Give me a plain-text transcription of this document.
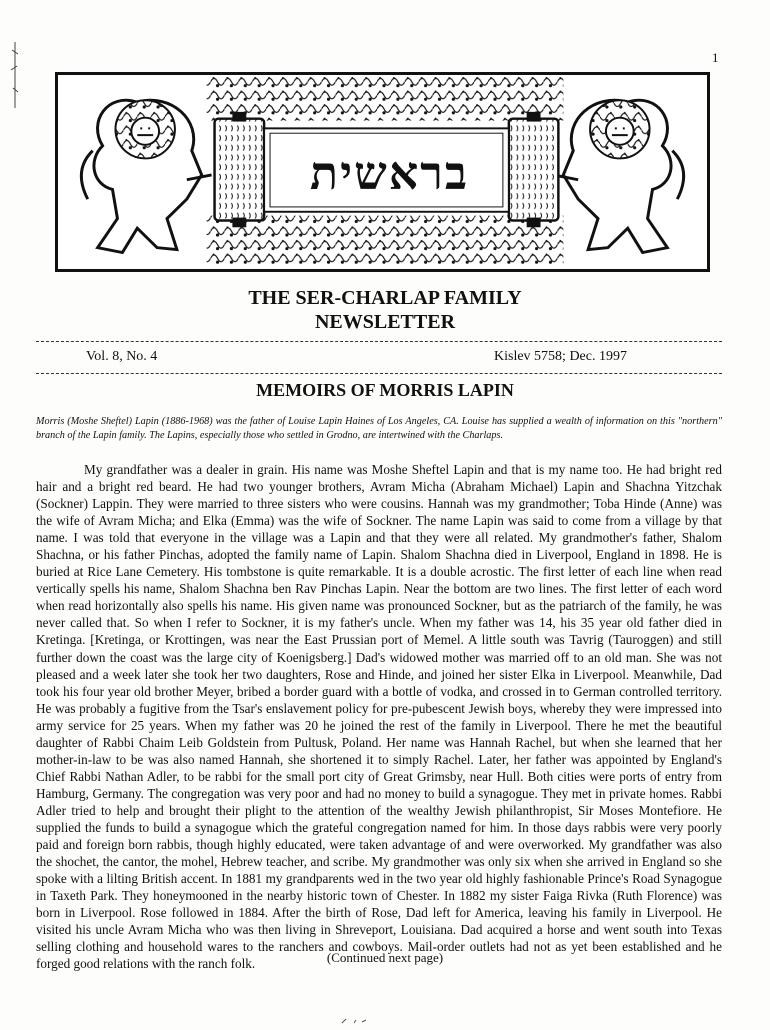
1
בראשית
THE SER-CHARLAP FAMILY
NEWSLETTER
Vol. 8, No. 4	Kislev 5758; Dec. 1997
MEMOIRS OF MORRIS LAPIN
Morris (Moshe Sheftel) Lapin (1886-1968) was the father of Louise Lapin Haines of Los Angeles, CA. Louise has supplied a wealth of information on this "northern" branch of the Lapin family. The Lapins, especially those who settled in Grodno, are intertwined with the Charlaps.

My grandfather was a dealer in grain. His name was Moshe Sheftel Lapin and that is my name too. He had bright red hair and a bright red beard. He had two younger brothers, Avram Micha (Abraham Michael) Lapin and Shachna Yitzchak (Sockner) Lappin. They were married to three sisters who were cousins. Hannah was my grandmother; Toba Hinde (Anne) was the wife of Avram Micha; and Elka (Emma) was the wife of Sockner. The name Lapin was said to come from a village by that name. I was told that everyone in the village was a Lapin and that they were all related. My grandmother's father, Shalom Shachna, or his father Pinchas, adopted the family name of Lapin. Shalom Shachna died in Liverpool, England in 1898. He is buried at Rice Lane Cemetery. His tombstone is quite remarkable. It is a double acrostic. The first letter of each line when read vertically spells his name, Shalom Shachna ben Rav Pinchas Lapin. Near the bottom are two lines. The first letter of each word when read horizontally also spells his name. His given name was pronounced Sockner, but as the patriarch of the family, he was never called that. So when I refer to Sockner, it is my father's uncle. When my father was 14, his 35 year old father died in Kretinga. [Kretinga, or Krottingen, was near the East Prussian port of Memel. A little south was Tavrig (Tauroggen) and still further down the coast was the large city of Koenigsberg.] Dad's widowed mother was married off to an old man. She was not pleased and a week later she took her two daughters, Rose and Hinde, and joined her sister Elka in Liverpool. Meanwhile, Dad took his four year old brother Meyer, bribed a border guard with a bottle of vodka, and crossed in to German controlled territory. He was probably a fugitive from the Tsar's enslavement policy for pre-pubescent Jewish boys, whereby they were impressed into army service for 25 years. When my father was 20 he joined the rest of the family in Liverpool. There he met the beautiful daughter of Rabbi Chaim Leib Goldstein from Pultusk, Poland. Her name was Hannah Rachel, but when she learned that her mother-in-law to be was also named Hannah, she shortened it to simply Rachel. Later, her father was appointed by England's Chief Rabbi Nathan Adler, to be rabbi for the small port city of Great Grimsby, near Hull. Both cities were ports of entry from Hamburg, Germany. The congregation was very poor and had no money to build a synagogue. They met in private homes. Rabbi Adler tried to help and brought their plight to the attention of the wealthy Jewish philanthropist, Sir Moses Montefiore. He supplied the funds to build a synagogue which the grateful congregation named for him. In those days rabbis were very poorly paid and foreign born rabbis, though highly educated, were taken advantage of and were overworked. My grandfather was also the shochet, the cantor, the mohel, Hebrew teacher, and scribe. My grandmother was only six when she arrived in England so she spoke with a lilting British accent. In 1881 my grandparents wed in the two year old highly fashionable Prince's Road Synagogue in Taxeth Park. They honeymooned in the nearby historic town of Chester. In 1882 my sister Faiga Rivka (Ruth Florence) was born in Liverpool. Rose followed in 1884. After the birth of Rose, Dad left for America, leaving his family in Liverpool. He visited his uncle Avram Micha who was then living in Shreveport, Louisiana. Dad acquired a horse and went south into Texas selling clothing and household wares to the ranchers and cowboys. Mail-order outlets had not as yet been established and he forged good relations with the ranch folk.	(Continued next page)
